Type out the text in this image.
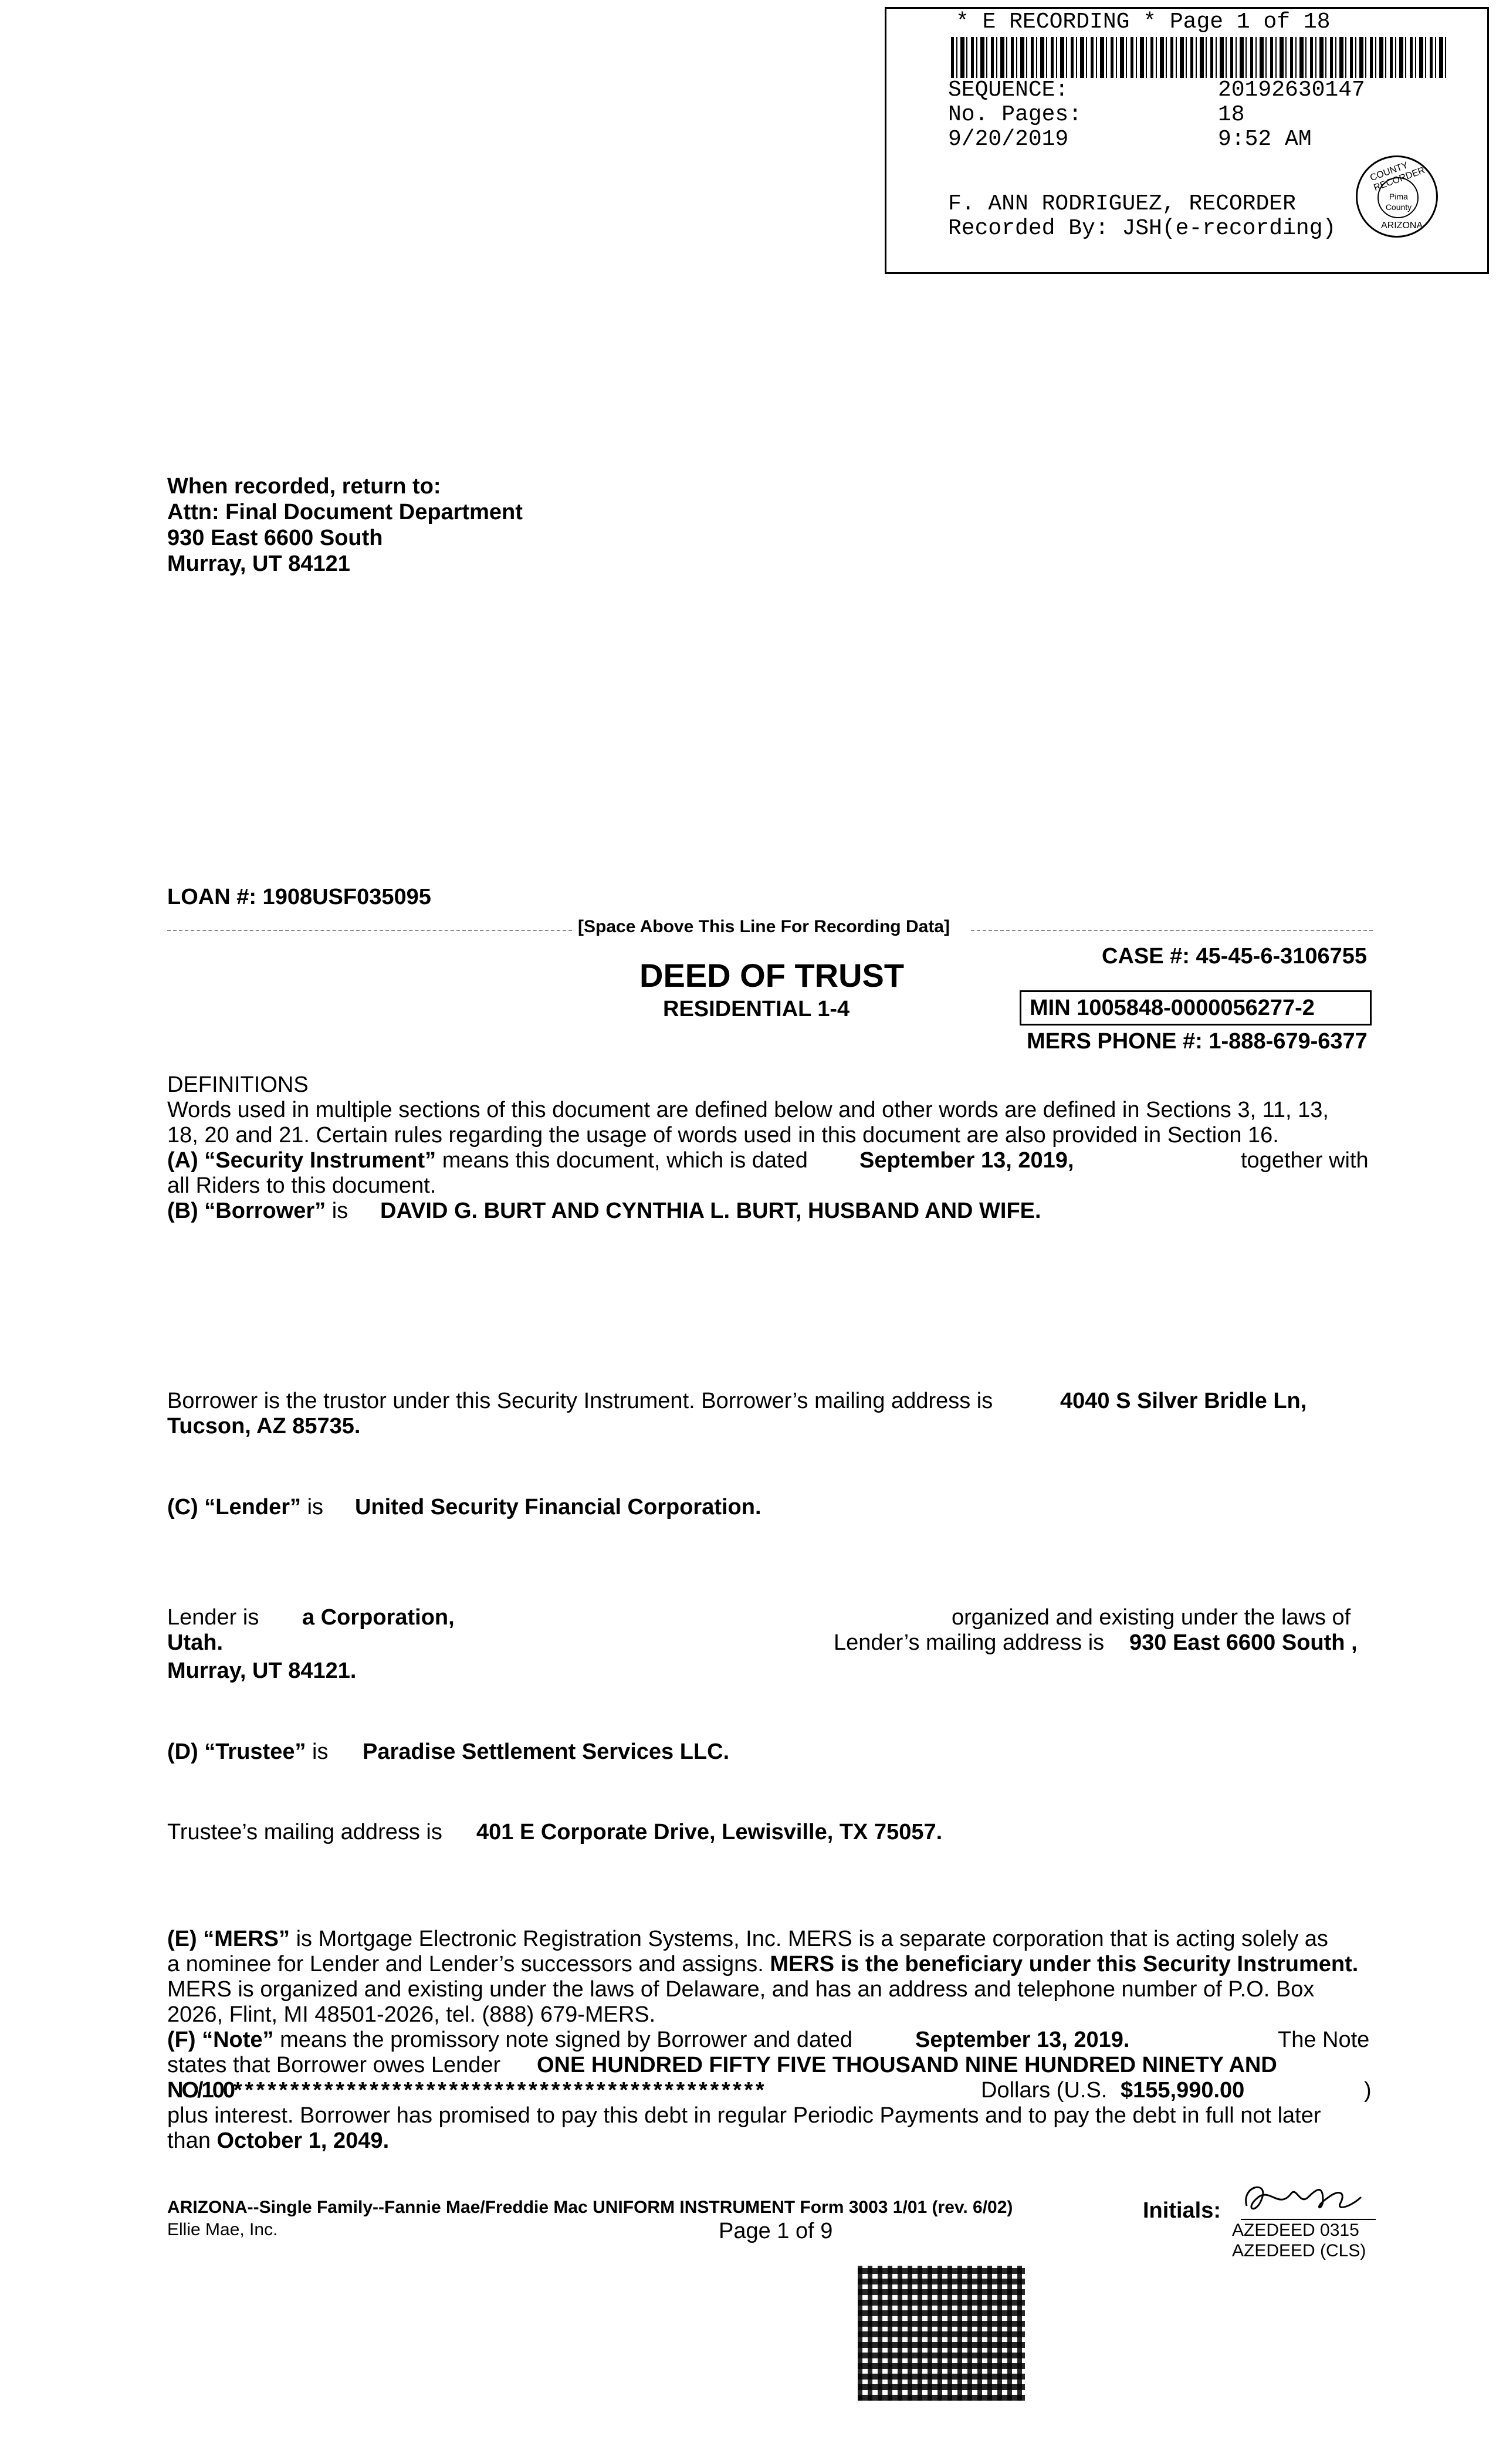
* E RECORDING * Page 1 of 18
SEQUENCE:	20192630147
No. Pages:	18
9/20/2019	9:52 AM
F. ANN RODRIGUEZ, RECORDER
Recorded By: JSH(e-recording)
COUNTY RECORDER
Pima County
ARIZONA
When recorded, return to:
Attn: Final Document Department
930 East 6600 South
Murray, UT 84121
LOAN #: 1908USF035095
[Space Above This Line For Recording Data]
CASE #: 45-45-6-3106755
DEED OF TRUST
RESIDENTIAL 1-4	MIN 1005848-0000056277-2
MERS PHONE #: 1-888-679-6377
DEFINITIONS
Words used in multiple sections of this document are defined below and other words are defined in Sections 3, 11, 13,
18, 20 and 21. Certain rules regarding the usage of words used in this document are also provided in Section 16.
(A) “Security Instrument” means this document, which is dated September 13, 2019,	together with
all Riders to this document.
(B) “Borrower” is DAVID G. BURT AND CYNTHIA L. BURT, HUSBAND AND WIFE.
Borrower is the trustor under this Security Instrument. Borrower’s mailing address is	4040 S Silver Bridle Ln,
Tucson, AZ 85735.
(C) “Lender” is United Security Financial Corporation.
Lender is a Corporation,	organized and existing under the laws of
Utah.	Lender’s mailing address is 930 East 6600 South ,
Murray, UT 84121.
(D) “Trustee” is Paradise Settlement Services LLC.
Trustee’s mailing address is 401 E Corporate Drive, Lewisville, TX 75057.
(E) “MERS” is Mortgage Electronic Registration Systems, Inc. MERS is a separate corporation that is acting solely as
a nominee for Lender and Lender’s successors and assigns. MERS is the beneficiary under this Security Instrument.
MERS is organized and existing under the laws of Delaware, and has an address and telephone number of P.O. Box
2026, Flint, MI 48501-2026, tel. (888) 679-MERS.
(F) “Note” means the promissory note signed by Borrower and dated	September 13, 2019.	The Note
states that Borrower owes Lender ONE HUNDRED FIFTY FIVE THOUSAND NINE HUNDRED NINETY AND
NO/100* * * * * * * * * * * * * * * * * * * * * * * * * * * * * * * * * * * * * * * * * * * * * * *	Dollars (U.S. $155,990.00	)
plus interest. Borrower has promised to pay this debt in regular Periodic Payments and to pay the debt in full not later
than October 1, 2049.
ARIZONA--Single Family--Fannie Mae/Freddie Mac UNIFORM INSTRUMENT Form 3003 1/01 (rev. 6/02)
Ellie Mae, Inc.	Page 1 of 9
Initials:
AZEDEED 0315
AZEDEED (CLS)
